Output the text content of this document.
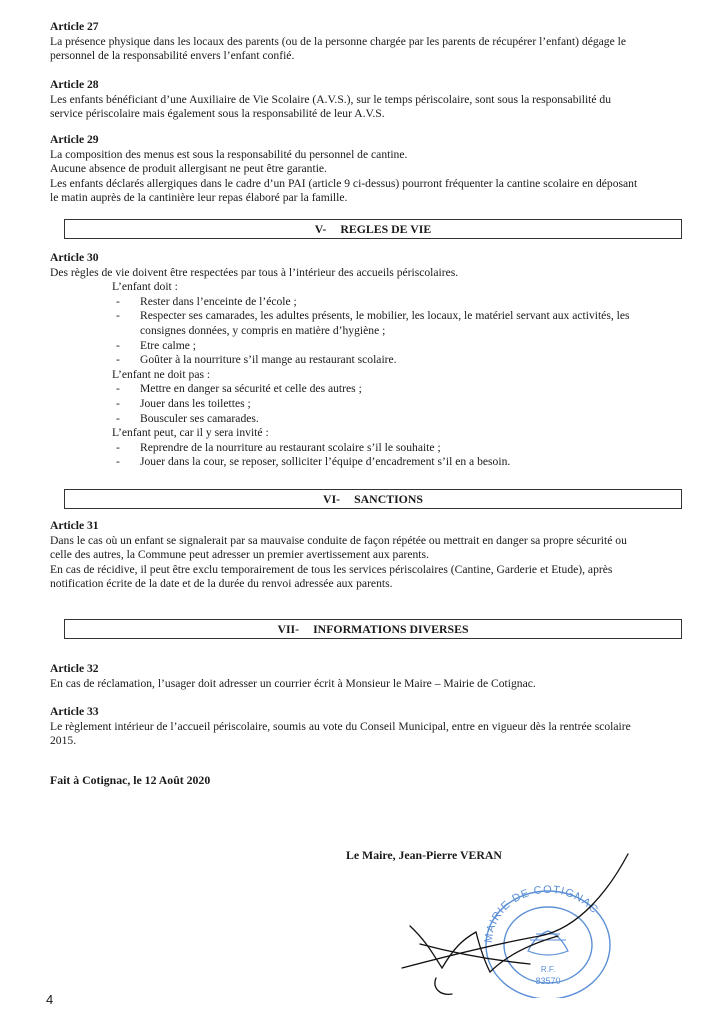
Article 27
La présence physique dans les locaux des parents (ou de la personne chargée par les parents de récupérer l’enfant) dégage le
personnel de la responsabilité envers l’enfant confié.
Article 28
Les enfants bénéficiant d’une Auxiliaire de Vie Scolaire (A.V.S.), sur le temps périscolaire, sont sous la responsabilité du
service périscolaire mais également sous la responsabilité de leur A.V.S.
Article 29
La composition des menus est sous la responsabilité du personnel de cantine.
Aucune absence de produit allergisant ne peut être garantie.
Les enfants déclarés allergiques dans le cadre d’un PAI (article 9 ci-dessus) pourront fréquenter la cantine scolaire en déposant
le matin auprès de la cantinière leur repas élaboré par la famille.
V- REGLES DE VIE
Article 30
Des règles de vie doivent être respectées par tous à l’intérieur des accueils périscolaires.
L’enfant doit :
- Rester dans l’enceinte de l’école ;
- Respecter ses camarades, les adultes présents, le mobilier, les locaux, le matériel servant aux activités, les consignes données, y compris en matière d’hygiène ;
- Etre calme ;
- Goûter à la nourriture s’il mange au restaurant scolaire.
L’enfant ne doit pas :
- Mettre en danger sa sécurité et celle des autres ;
- Jouer dans les toilettes ;
- Bousculer ses camarades.
L’enfant peut, car il y sera invité :
- Reprendre de la nourriture au restaurant scolaire s’il le souhaite ;
- Jouer dans la cour, se reposer, solliciter l’équipe d’encadrement s’il en a besoin.
VI- SANCTIONS
Article 31
Dans le cas où un enfant se signalerait par sa mauvaise conduite de façon répétée ou mettrait en danger sa propre sécurité ou
celle des autres, la Commune peut adresser un premier avertissement aux parents.
En cas de récidive, il peut être exclu temporairement de tous les services périscolaires (Cantine, Garderie et Etude), après
notification écrite de la date et de la durée du renvoi adressée aux parents.
VII- INFORMATIONS DIVERSES
Article 32
En cas de réclamation, l’usager doit adresser un courrier écrit à Monsieur le Maire – Mairie de Cotignac.
Article 33
Le règlement intérieur de l’accueil périscolaire, soumis au vote du Conseil Municipal, entre en vigueur dès la rentrée scolaire
2015.
Fait à Cotignac, le 12 Août 2020
Le Maire, Jean-Pierre VERAN
MAIRIE DE COTIGNAC
R.F.
83570
4
